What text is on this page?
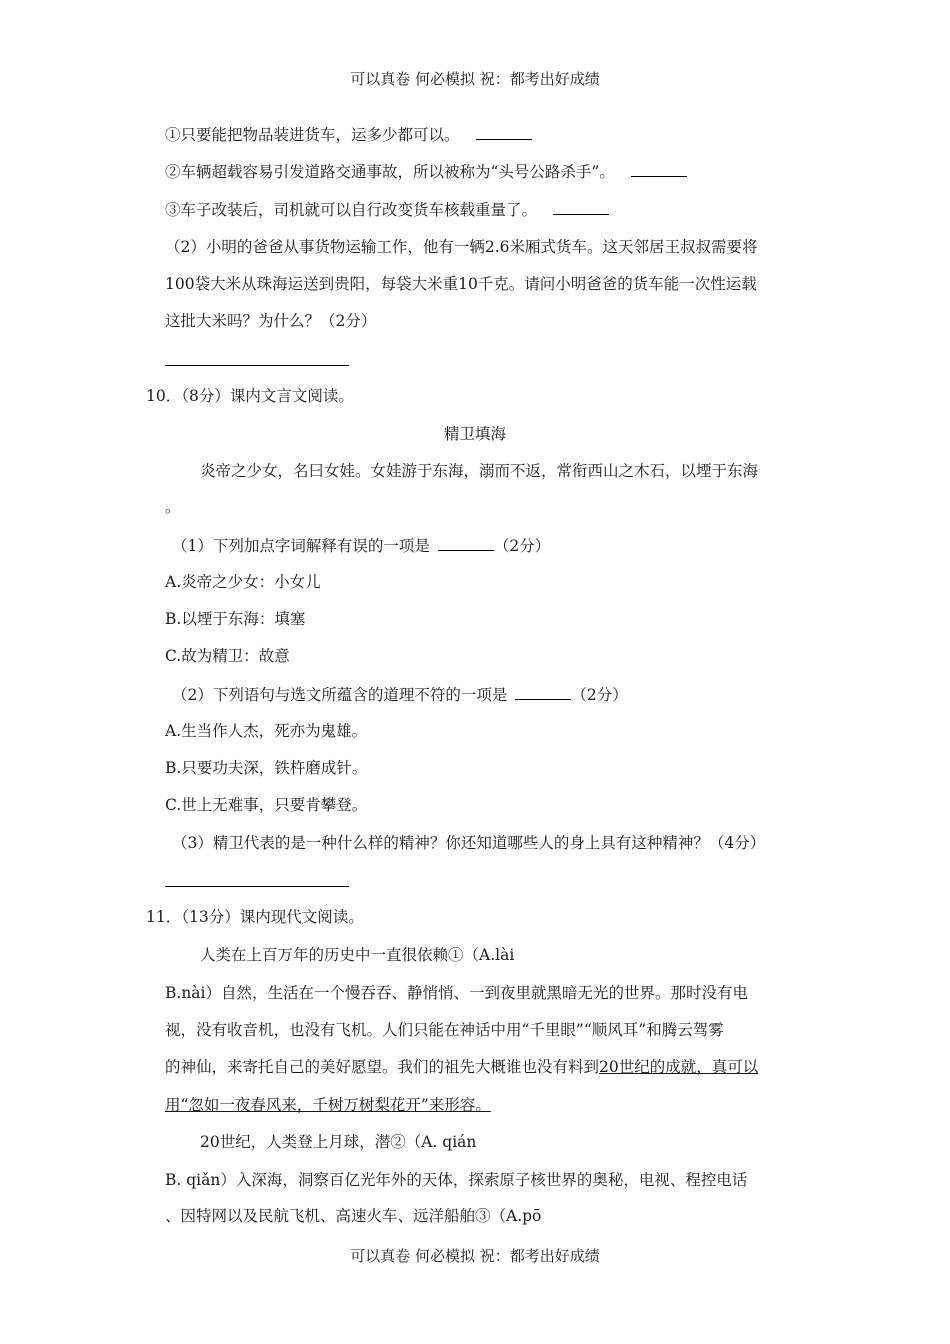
可以真卷 何必模拟 祝：都考出好成绩
①只要能把物品装进货车，运多少都可以。
②车辆超载容易引发道路交通事故，所以被称为“头号公路杀手”。
③车子改装后，司机就可以自行改变货车核载重量了。
（2）小明的爸爸从事货物运输工作，他有一辆2.6米厢式货车。这天邻居王叔叔需要将
100袋大米从珠海运送到贵阳，每袋大米重10千克。请问小明爸爸的货车能一次性运载
这批大米吗？为什么？（2分）
10．（8分）课内文言文阅读。
精卫填海
炎帝之少女，名曰女娃。女娃游于东海，溺而不返，常衔西山之木石，以堙于东海
。
（1）下列加点字词解释有误的一项是	（2分）
A.炎帝之少女：小女儿
B.以堙于东海：填塞
C.故为精卫：故意
（2）下列语句与选文所蕴含的道理不符的一项是	（2分）
A.生当作人杰，死亦为鬼雄。
B.只要功夫深，铁杵磨成针。
C.世上无难事，只要肯攀登。
（3）精卫代表的是一种什么样的精神？你还知道哪些人的身上具有这种精神？（4分）
11．（13分）课内现代文阅读。
人类在上百万年的历史中一直很依赖①（A.lài
B.nài）自然，生活在一个慢吞吞、静悄悄、一到夜里就黑暗无光的世界。那时没有电
视，没有收音机，也没有飞机。人们只能在神话中用“千里眼”“顺风耳”和腾云驾雾
的神仙，来寄托自己的美好愿望。我们的祖先大概谁也没有料到20世纪的成就，真可以
用“忽如一夜春风来，千树万树梨花开”来形容。
20世纪，人类登上月球，潜②（A. qián
B. qiǎn）入深海，洞察百亿光年外的天体，探索原子核世界的奥秘，电视、程控电话
、因特网以及民航飞机、高速火车、远洋船舶③（A.pō
可以真卷 何必模拟 祝：都考出好成绩
